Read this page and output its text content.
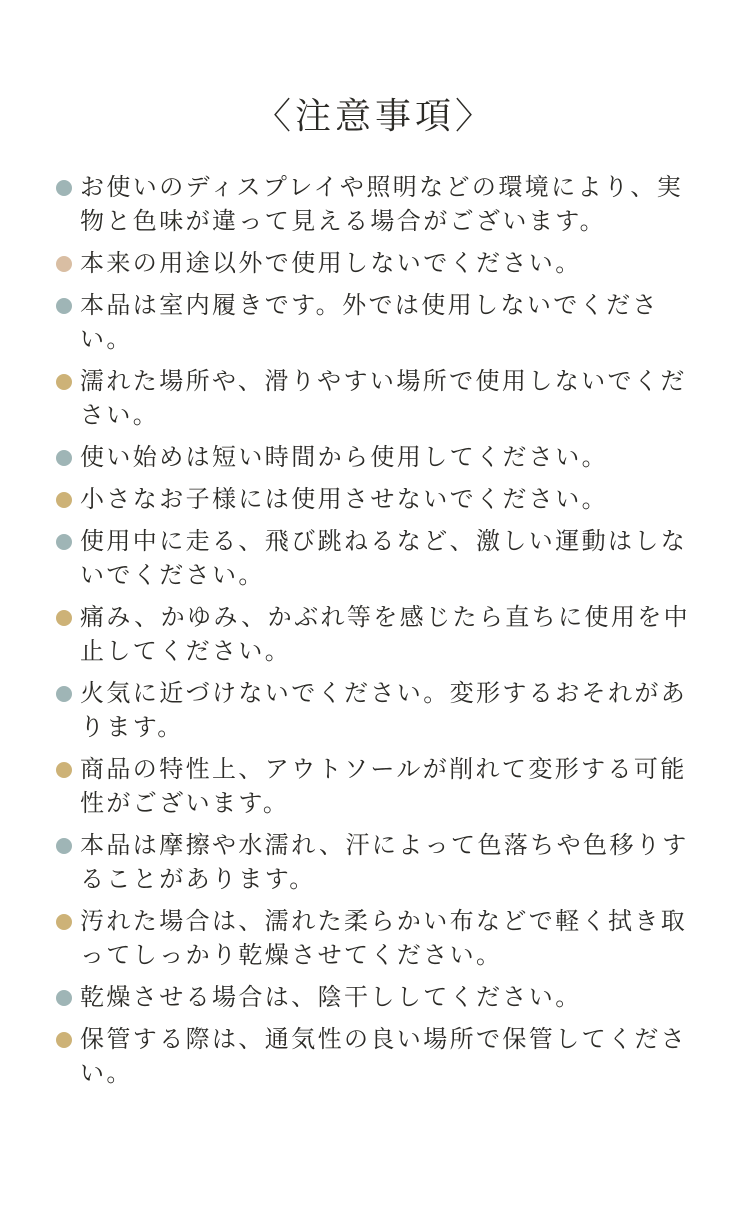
〈注意事項〉
お使いのディスプレイや照明などの環境により、実物と色味が違って見える場合がございます。
本来の用途以外で使用しないでください。
本品は室内履きです。外では使用しないでください。
濡れた場所や、滑りやすい場所で使用しないでください。
使い始めは短い時間から使用してください。
小さなお子様には使用させないでください。
使用中に走る、飛び跳ねるなど、激しい運動はしないでください。
痛み、かゆみ、かぶれ等を感じたら直ちに使用を中止してください。
火気に近づけないでください。変形するおそれがあります。
商品の特性上、アウトソールが削れて変形する可能性がございます。
本品は摩擦や水濡れ、汗によって色落ちや色移りすることがあります。
汚れた場合は、濡れた柔らかい布などで軽く拭き取ってしっかり乾燥させてください。
乾燥させる場合は、陰干ししてください。
保管する際は、通気性の良い場所で保管してください。
